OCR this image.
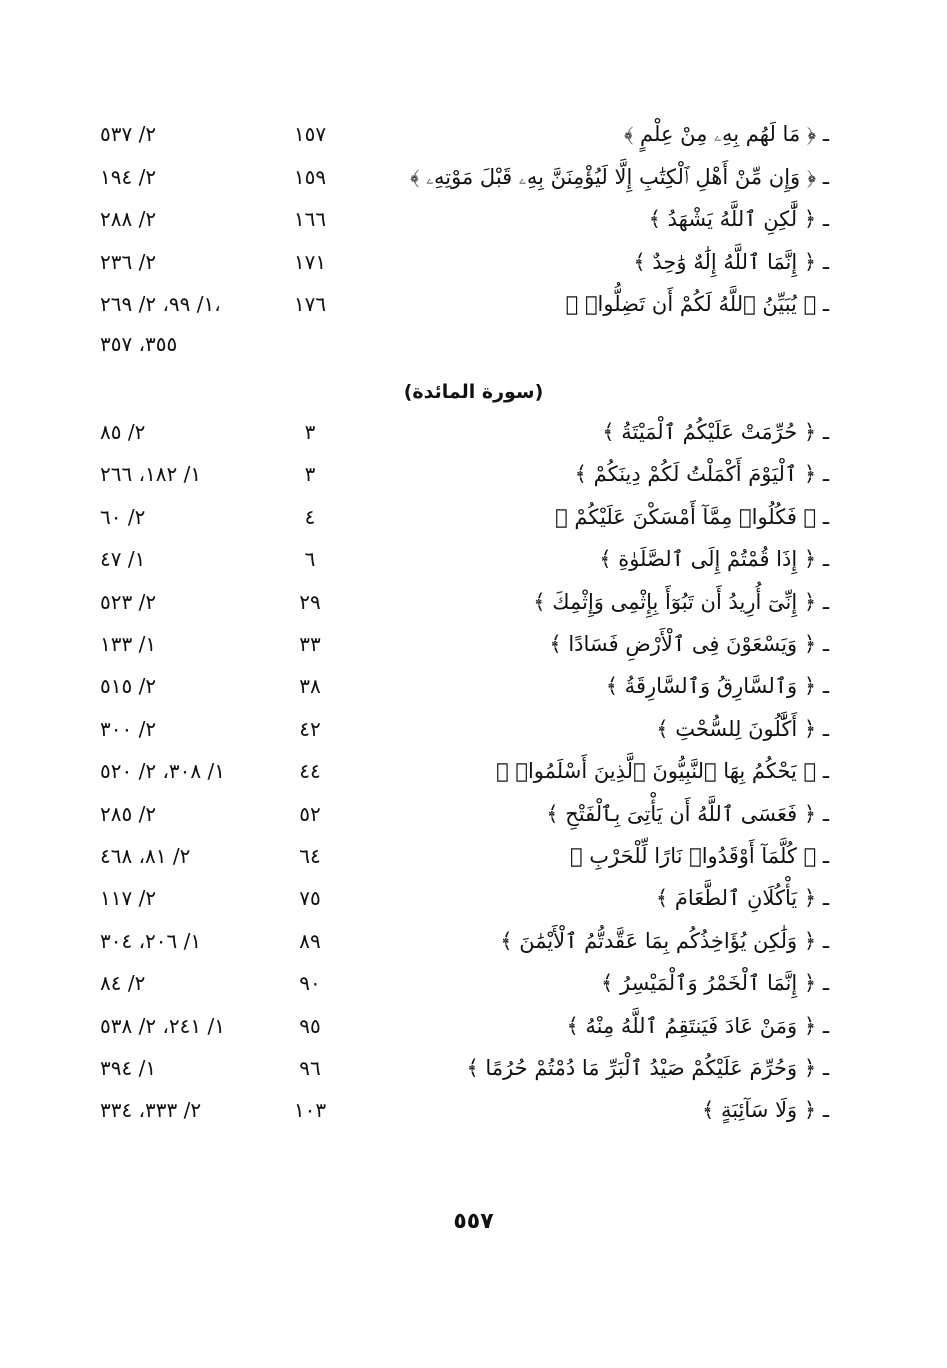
ـ ﴿ مَا لَهُم بِهِۦ مِنْ عِلْمٍ ﴾
١٥٧
٢/ ٥٣٧
ـ ﴿ وَإِن مِّنْ أَهْلِ ٱلْكِتَٰبِ إِلَّا لَيُؤْمِنَنَّ بِهِۦ قَبْلَ مَوْتِهِۦ ﴾
١٥٩
٢/ ١٩٤
ـ ﴿ لَّٰكِنِ ٱللَّهُ يَشْهَدُ ﴾
١٦٦
٢/ ٢٨٨
ـ ﴿ إِنَّمَا ٱللَّهُ إِلَٰهٌ وَٰحِدٌ ﴾
١٧١
٢/ ٢٣٦
ـ ﴿ يُبَيِّنُ ٱللَّهُ لَكُمْ أَن تَضِلُّوا۟ ﴾
١٧٦
١/ ٩٩، ٢/ ٢٦٩،
٣٥٥، ٣٥٧
(سورة المائدة)
ـ ﴿ حُرِّمَتْ عَلَيْكُمُ ٱلْمَيْتَةُ ﴾
٣
٢/ ٨٥
ـ ﴿ ٱلْيَوْمَ أَكْمَلْتُ لَكُمْ دِينَكُمْ ﴾
٣
١/ ١٨٢، ٢٦٦
ـ ﴿ فَكُلُوا۟ مِمَّآ أَمْسَكْنَ عَلَيْكُمْ ﴾
٤
٢/ ٦٠
ـ ﴿ إِذَا قُمْتُمْ إِلَى ٱلصَّلَوٰةِ ﴾
٦
١/ ٤٧
ـ ﴿ إِنِّىٓ أُرِيدُ أَن تَبُوٓأَ بِإِثْمِى وَإِثْمِكَ ﴾
٢٩
٢/ ٥٢٣
ـ ﴿ وَيَسْعَوْنَ فِى ٱلْأَرْضِ فَسَادًا ﴾
٣٣
١/ ١٣٣
ـ ﴿ وَٱلسَّارِقُ وَٱلسَّارِقَةُ ﴾
٣٨
٢/ ٥١٥
ـ ﴿ أَكَّٰلُونَ لِلسُّحْتِ ﴾
٤٢
٢/ ٣٠٠
ـ ﴿ يَحْكُمُ بِهَا ٱلنَّبِيُّونَ ٱلَّذِينَ أَسْلَمُوا۟ ﴾
٤٤
١/ ٣٠٨، ٢/ ٥٢٠
ـ ﴿ فَعَسَى ٱللَّهُ أَن يَأْتِىَ بِٱلْفَتْحِ ﴾
٥٢
٢/ ٢٨٥
ـ ﴿ كُلَّمَآ أَوْقَدُوا۟ نَارًا لِّلْحَرْبِ ﴾
٦٤
٢/ ٨١، ٤٦٨
ـ ﴿ يَأْكُلَانِ ٱلطَّعَامَ ﴾
٧٥
٢/ ١١٧
ـ ﴿ وَلَٰكِن يُؤَاخِذُكُم بِمَا عَقَّدتُّمُ ٱلْأَيْمَٰنَ ﴾
٨٩
١/ ٢٠٦، ٣٠٤
ـ ﴿ إِنَّمَا ٱلْخَمْرُ وَٱلْمَيْسِرُ ﴾
٩٠
٢/ ٨٤
ـ ﴿ وَمَنْ عَادَ فَيَنتَقِمُ ٱللَّهُ مِنْهُ ﴾
٩٥
١/ ٢٤١، ٢/ ٥٣٨
ـ ﴿ وَحُرِّمَ عَلَيْكُمْ صَيْدُ ٱلْبَرِّ مَا دُمْتُمْ حُرُمًا ﴾
٩٦
١/ ٣٩٤
ـ ﴿ وَلَا سَآئِبَةٍ ﴾
١٠٣
٢/ ٣٣٣، ٣٣٤
٥٥٧
